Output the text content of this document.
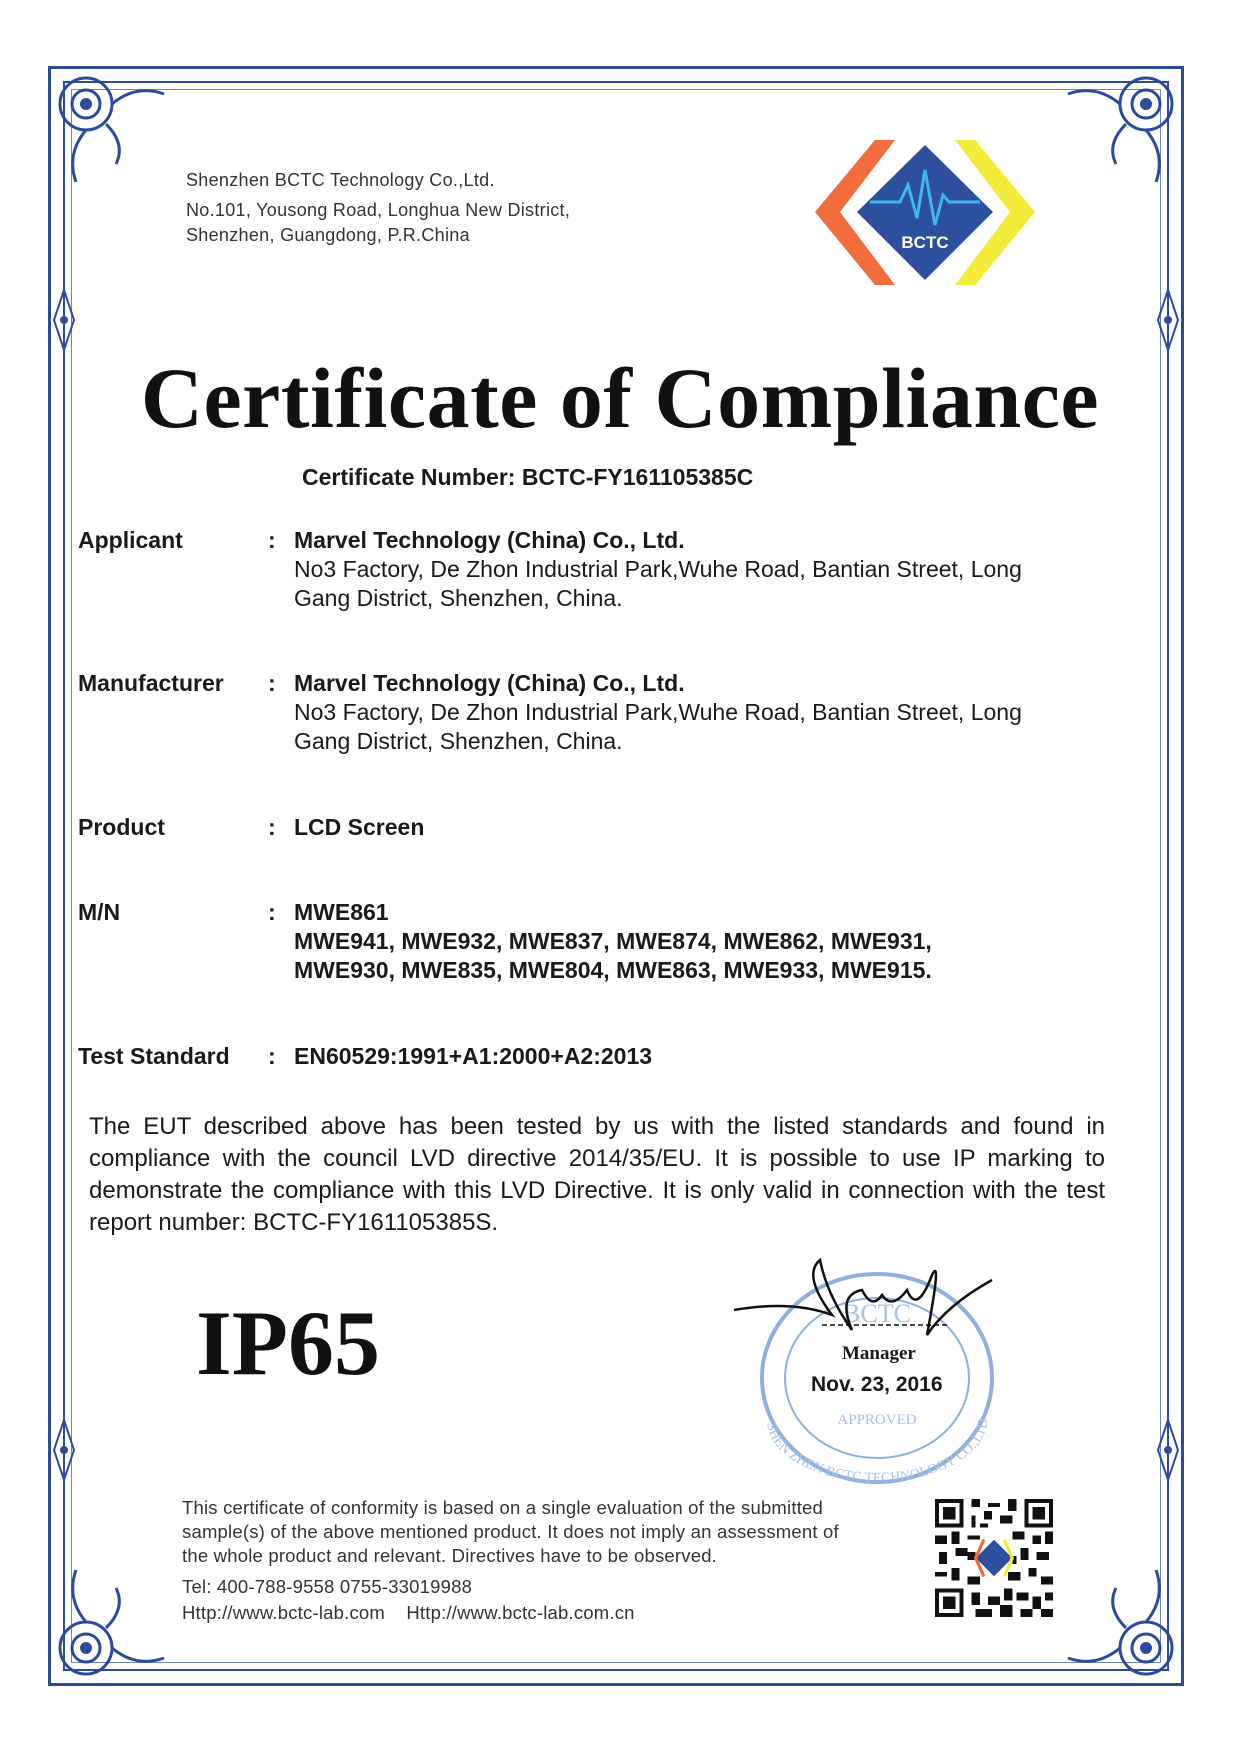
Shenzhen BCTC Technology Co.,Ltd.
No.101, Yousong Road, Longhua New District,
Shenzhen, Guangdong, P.R.China	BCTC
Certificate of Compliance
Certificate Number: BCTC-FY161105385C
Applicant	: Marvel Technology (China) Co., Ltd.
No3 Factory, De Zhon Industrial Park,Wuhe Road, Bantian Street, Long
Gang District, Shenzhen, China.
Manufacturer : Marvel Technology (China) Co., Ltd.
No3 Factory, De Zhon Industrial Park,Wuhe Road, Bantian Street, Long
Gang District, Shenzhen, China.
Product	: LCD Screen
M/N	: MWE861
MWE941, MWE932, MWE837, MWE874, MWE862, MWE931,
MWE930, MWE835, MWE804, MWE863, MWE933, MWE915.
Test Standard : EN60529:1991+A1:2000+A2:2013
The EUT described above has been tested by us with the listed standards and found in compliance with the council LVD directive 2014/35/EU. It is possible to use IP marking to demonstrate the compliance with this LVD Directive. It is only valid in connection with the test report number: BCTC-FY161105385S.
IP65	BCTC
APPROVED
SHEN ZHEN BCTC TECHNOLOGY CO.,LTD
Manager
Nov. 23, 2016
This certificate of conformity is based on a single evaluation of the submitted
sample(s) of the above mentioned product. It does not imply an assessment of
the whole product and relevant. Directives have to be observed.
Tel: 400-788-9558 0755-33019988
Http://www.bctc-lab.com    Http://www.bctc-lab.com.cn
